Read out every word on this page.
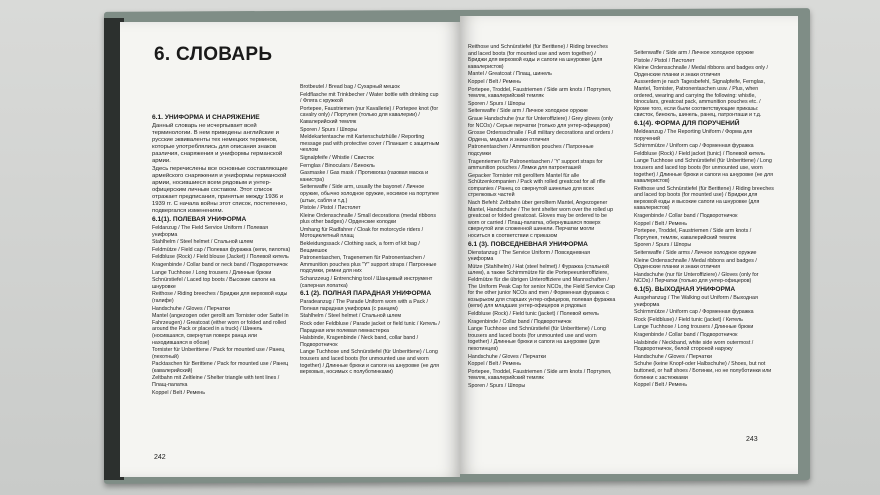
6. СЛОВАРЬ

6.1. УНИФОРМА И СНАРЯЖЕНИЕ

Данный словарь не исчерпывает всей терминологии. В нем приведены английские и русские эквиваленты тех немецких терминов, которые употреблялись для описания знаков различия, снаряжения и униформы германской армии.

Здесь перечислены все основные составляющие армейского снаряжения и униформы германской армии, носившиеся всем рядовым и унтер-офицерским личным составом. Этот список отражает предписания, принятые между 1936 и 1939 гг. С начала войны этот список, постепенно, подвергался изменениям.

6.1(1). ПОЛЕВАЯ УНИФОРМА

Feldanzug / The Field Service Uniform / Полевая униформа

Stahlhelm / Steel helmet / Стальной шлем

Feldmütze / Field cap / Полевая фуражка (кепи, пилотка)

Feldbluse (Rock) / Field blouse (Jacket) / Полевой китель

Kragenbinde / Collar band or neck band / Подворотничок

Lange Tuchhose / Long trousers / Длинные брюки

Schnürstiefel / Laced top boots / Высокие сапоги на шнуровке

Reithose / Riding breeches / Бриджи для верховой езды (галифе)

Handschuhe / Gloves / Перчатки

Mantel (angezogen oder gerollt am Tornister oder Sattel in Fahrzeugen) / Greatcoat (either worn or folded and rolled around the Pack or placed in a truck) / Шинель (носившаяся, свернутая поверх ранца или находившаяся в обозе)

Tornister für Unberittene / Pack for mounted use / Ранец (пехотный)

Packtaschen für Berittene / Pack for mounted use / Ранец (кавалерийский)

Zeltbahn mit Zeltleine / Shelter triangle with tent lines / Плащ-палатка

Koppel / Belt / Ремень

Brotbeutel / Bread bag / Сухарный мешок

Feldflasche mit Trinkbecher / Water bottle with drinking cup / Фляга с кружкой

Portepee, Faustriemen (nur Kavallerie) / Portepee knot (for cavalry only) / Портупея (только для кавалерии) / Кавалерийский темляк

Sporen / Spurs / Шпоры

Meldekartentasche mit Kartenschutzhülle / Reporting message pad with protective cover / Планшет с защитным чехлом

Signalpfeife / Whistle / Свисток

Fernglas / Binoculars / Бинокль

Gasmaske / Gas mask / Противогаз (газовая маска и канистра)

Seitenwaffe / Side arm, usually the bayonet / Личное оружие, обычно холодное оружие, носимое на портупее (штык, сабля и т.д.)

Pistole / Pistol / Пистолет

Kleine Ordensschnalle / Small decorations (medal ribbons plus other badges) / Орденские колодки

Umhang für Radfahrer / Cloak for motorcycle riders / Мотоциклетный плащ

Bekleidungssack / Clothing sack, a form of kit bag / Вещмешок

Patronentaschen, Tragenemen für Patronentaschen / Ammunition pouches plus "Y" support straps / Патронные подсумки, ремни для них

Schanzzeug / Entrenching tool / Шанцевый инструмент (саперная лопатка)

6.1 (2). ПОЛНАЯ ПАРАДНАЯ УНИФОРМА

Paradeanzug / The Parade Uniform worn with a Pack / Полная парадная униформа (с ранцем)

Stahlhelm / Steel helmet / Стальной шлем

Rock oder Feldbluse / Parade jacket or field tunic / Китель / Парадная или полевая гимнастерка

Halsbinde, Kragenbinde / Neck band, collar band / Подворотничок

Lange Tuchhose und Schnürstiefel (für Unberittene) / Long trousers and laced boots (for unmounted use and worn together) / Длинные брюки и сапоги на шнуровке (не для верховых, носимых с полуботинками)

242

Reithose und Schnürstiefel (für Berittene) / Riding breeches and laced boots (for mounted use and worn together) / Бриджи для верховой езды и сапоги на шнуровке (для кавалеристов)

Mantel / Greatcoat / Плащ, шинель

Koppel / Belt / Ремень

Portepee, Troddel, Faustriemen / Side arm knots / Портупея, темляк, кавалерийский темляк

Sporen / Spurs / Шпоры

Seitenwaffe / Side arm / Личное холодное оружие

Graue Handschuhe (nur für Unteroffiziere) / Grey gloves (only for NCOs) / Серые перчатки (только для унтер-офицеров)

Grosse Ordensschnalle / Full military decorations and orders / Ордена, медали и знаки отличия

Patronentaschen / Ammunition pouches / Патронные подсумки

Tragenriemen für Patronentaschen / 'Y' support straps for ammunition pouches / Лямки для патронташей

Gepacker Tornister mit gerolltem Mantel für alle Schützenkompanien / Pack with rolled greatcoat for all rifle companies / Ранец со свернутой шинелью для всех стрелковых частей

Nach Befehl: Zeltbahn über gerolltem Mantel, Angezogener Mantel, Handschuhe / The tent shelter worn over the rolled up greatcoat or folded greatcoat. Gloves may be ordered to be worn or carried / Плащ-палатка, обернувшаяся поверх свернутой или сложенной шинели. Перчатки могли носиться в соответствии с приказом

6.1 (3). ПОВСЕДНЕВНАЯ УНИФОРМА

Dienstanzug / The Service Uniform / Повседневная униформа

Mütze (Stahlhelm) / Hat (steel helmet) / Фуражка (стальной шлем), а также Schirmmütze für die Portepeeunteroffiziere, Feldmütze für die übrigen Unteroffiziere und Mannschaften / The Uniform Peak Cap for senior NCOs, the Field Service Cap for the other junior NCOs and men / Форменная фуражка с козырьком для старших унтер-офицеров, полевая фуражка (кепи) для младших унтер-офицеров и рядовых

Feldbluse (Rock) / Field tunic (jacket) / Полевой китель

Kragenbinde / Collar band / Подворотничок

Lange Tuchhose und Schnürstiefel (für Unberittene) / Long trousers and laced boots (for unmounted use and worn together) / Длинные брюки и сапоги на шнуровке (для пехотинцев)

Handschuhe / Gloves / Перчатки

Koppel / Belt / Ремень

Portepee, Troddel, Faustriemen / Side arm knots / Портупея, темляк, кавалерийский темляк

Sporen / Spurs / Шпоры

Seitenwaffe / Side arm / Личное холодное оружие

Pistole / Pistol / Пистолет

Kleine Ordensschnalle / Medal ribbons and badges only / Орденские планки и знаки отличия

Ausserdem je nach Tagesbefehl, Signalpfeife, Fernglas, Mantel, Tornister, Patronentaschen usw. / Plus, when ordered, wearing and carrying the following: whistle, binoculars, greatcoat pack, ammunition pouches etc. / Кроме того, если были соответствующие приказы: свисток, бинокль, шинель, ранец, патронташи и т.д.

6.1(4). ФОРМА ДЛЯ ПОРУЧЕНИЙ

Meldeanzug / The Reporting Uniform / Форма для поручений

Schirmmütze / Uniform cap / Форменная фуражка

Feldbluse (Rock) / Field jacket (tunic) / Полевой китель

Lange Tuchhose und Schnürstiefel (für Unberittene) / Long trousers and laced top boots (for unmounted use, worn together) / Длинные брюки и сапоги на шнуровке (не для кавалеристов)

Reithose und Schnürstiefel (für Berittene) / Riding breeches and laced top boots (for mounted use) / Бриджи для верховой езды и высокие сапоги на шнуровке (для кавалеристов)

Kragenbinde / Collar band / Подворотничок

Koppel / Belt / Ремень

Portepee, Troddel, Faustriemen / Side arm knots / Портупея, темляк, кавалерийский темляк

Sporen / Spurs / Шпоры

Seitenwaffe / Side arms / Личное холодное оружие

Kleine Ordensschnalle / Medal ribbons and badges / Орденские планки и знаки отличия

Handschuhe (nur für Unteroffiziere) / Gloves (only for NCOs) / Перчатки (только для унтер-офицеров)

6.1(5). ВЫХОДНАЯ УНИФОРМА

Ausgehanzug / The Walking out Uniform / Выходная униформа

Schirmmütze / Uniform cap / Форменная фуражка

Rock (Feldbluse) / Field tunic (jacket) / Китель

Lange Tuchhose / Long trousers / Длинные брюки

Kragenbinde / Collar band / Подворотничок

Halsbinde / Neckband, white side worn outermost / Подворотничок, белой стороной наружу

Handschuhe / Gloves / Перчатки

Schuhe (keine Knopf-oder Halbschuhe) / Shoes, but not buttoned, or half shoes / Ботинки, но не полуботинки или ботинки с застежками

Koppel / Belt / Ремень

243
